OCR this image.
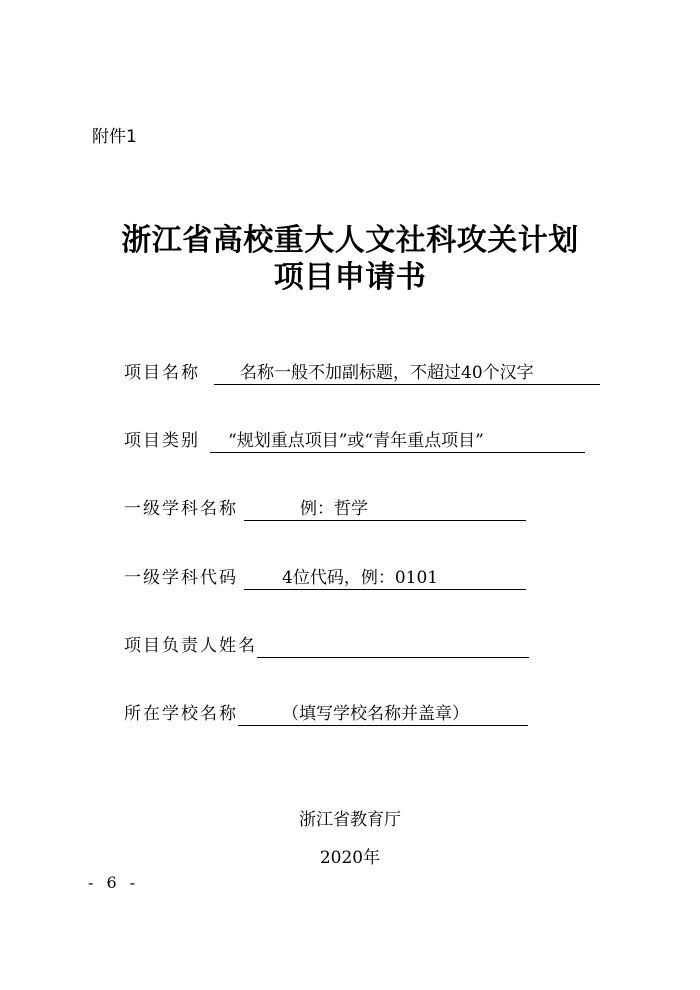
附件1
浙江省高校重大人文社科攻关计划
项目申请书
项目名称	名称一般不加副标题，不超过40个汉字
项目类别	“规划重点项目”或“青年重点项目”
一级学科名称	例：哲学
一级学科代码	4位代码，例：0101
项目负责人姓名
所在学校名称	（填写学校名称并盖章）
浙江省教育厅
2020年
- 6 -
